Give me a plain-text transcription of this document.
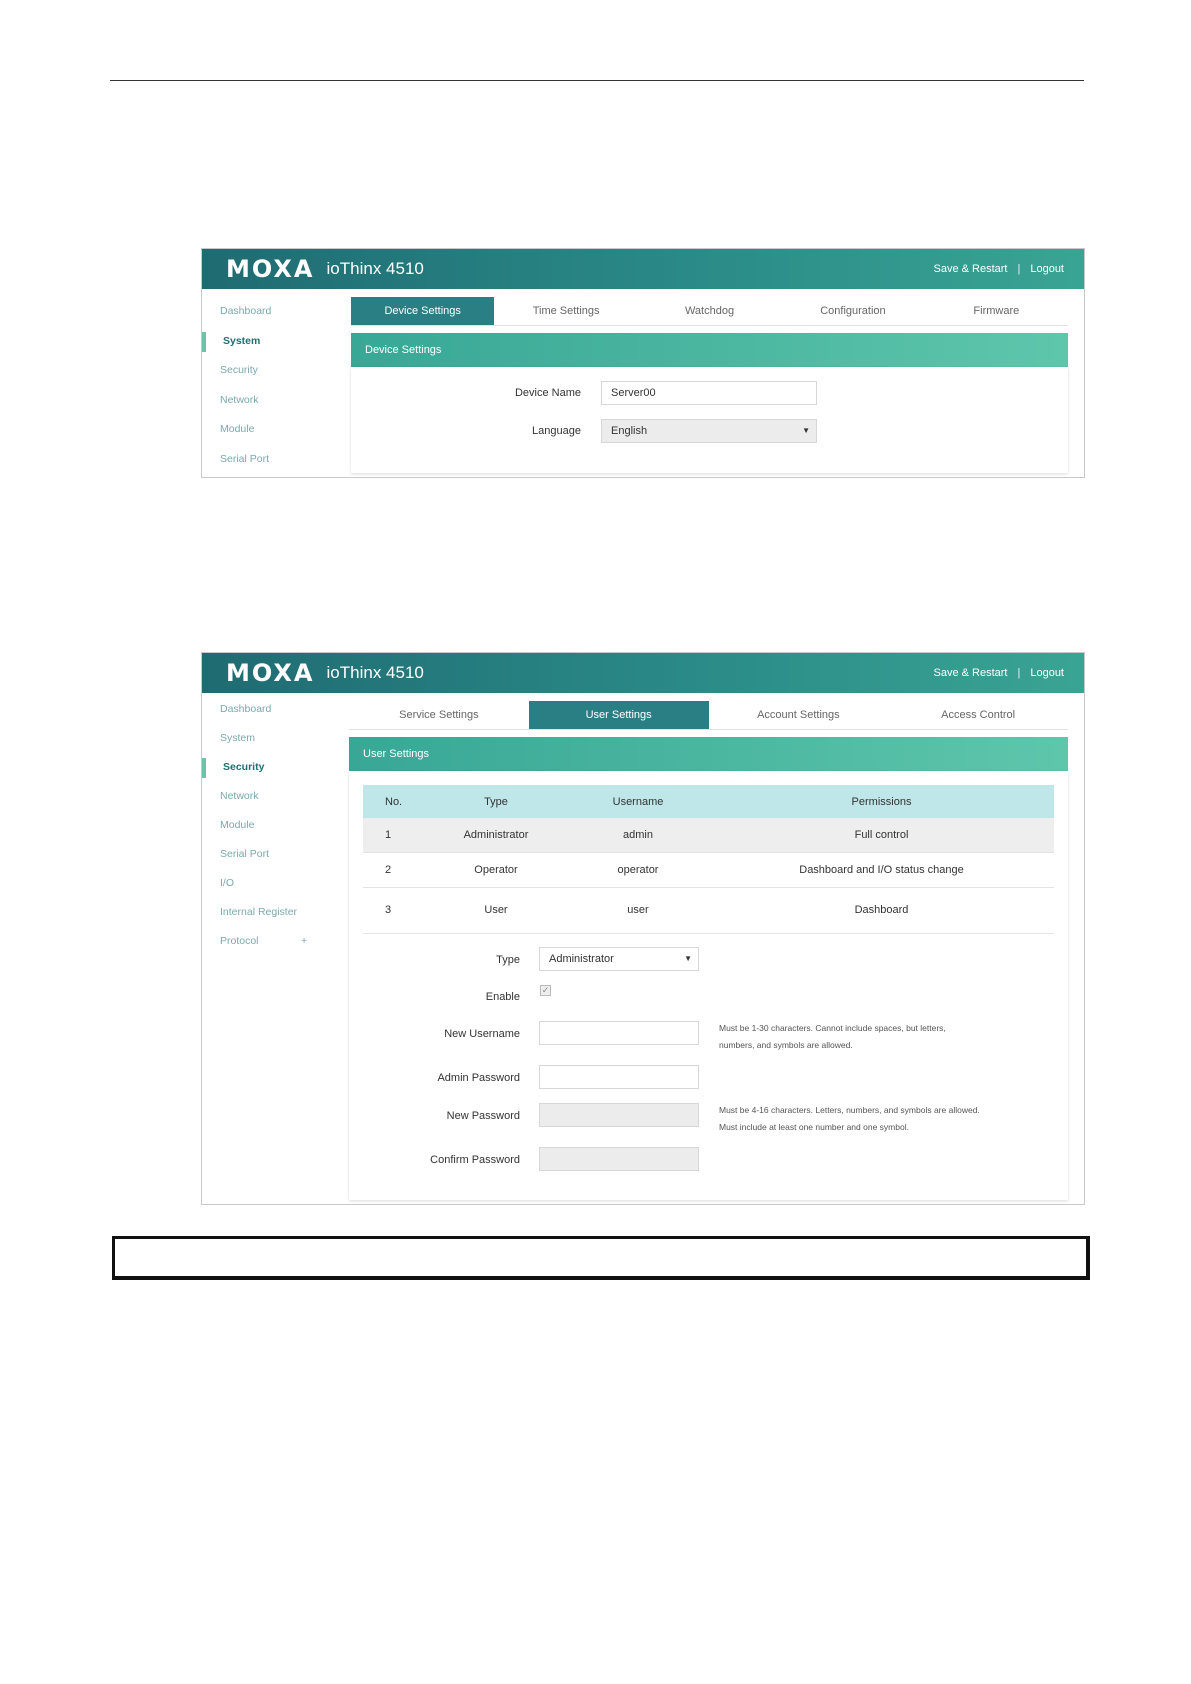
MOXA ioThinx 4510	Save & Restart | Logout
Dashboard
System
Security
Network
Module
Serial Port
Device Settings	Time Settings	Watchdog	Configuration	Firmware
Device Settings
Device Name	Server00
Language	English	▼
MOXA ioThinx 4510	Save & Restart | Logout
Dashboard
System
Security
Network
Module
Serial Port
I/O
Internal Register
Protocol	+
Service Settings	User Settings	Account Settings	Access Control
User Settings
No.	Type	Username	Permissions
1	Administrator	admin	Full control
2	Operator	operator	Dashboard and I/O status change
3	User	user	Dashboard
Type	Administrator	▼
Enable
✓
New Username	Must be 1-30 characters. Cannot include spaces, but letters, numbers, and symbols are allowed.
Admin Password
New Password	Must be 4-16 characters. Letters, numbers, and symbols are allowed. Must include at least one number and one symbol.
Confirm Password
